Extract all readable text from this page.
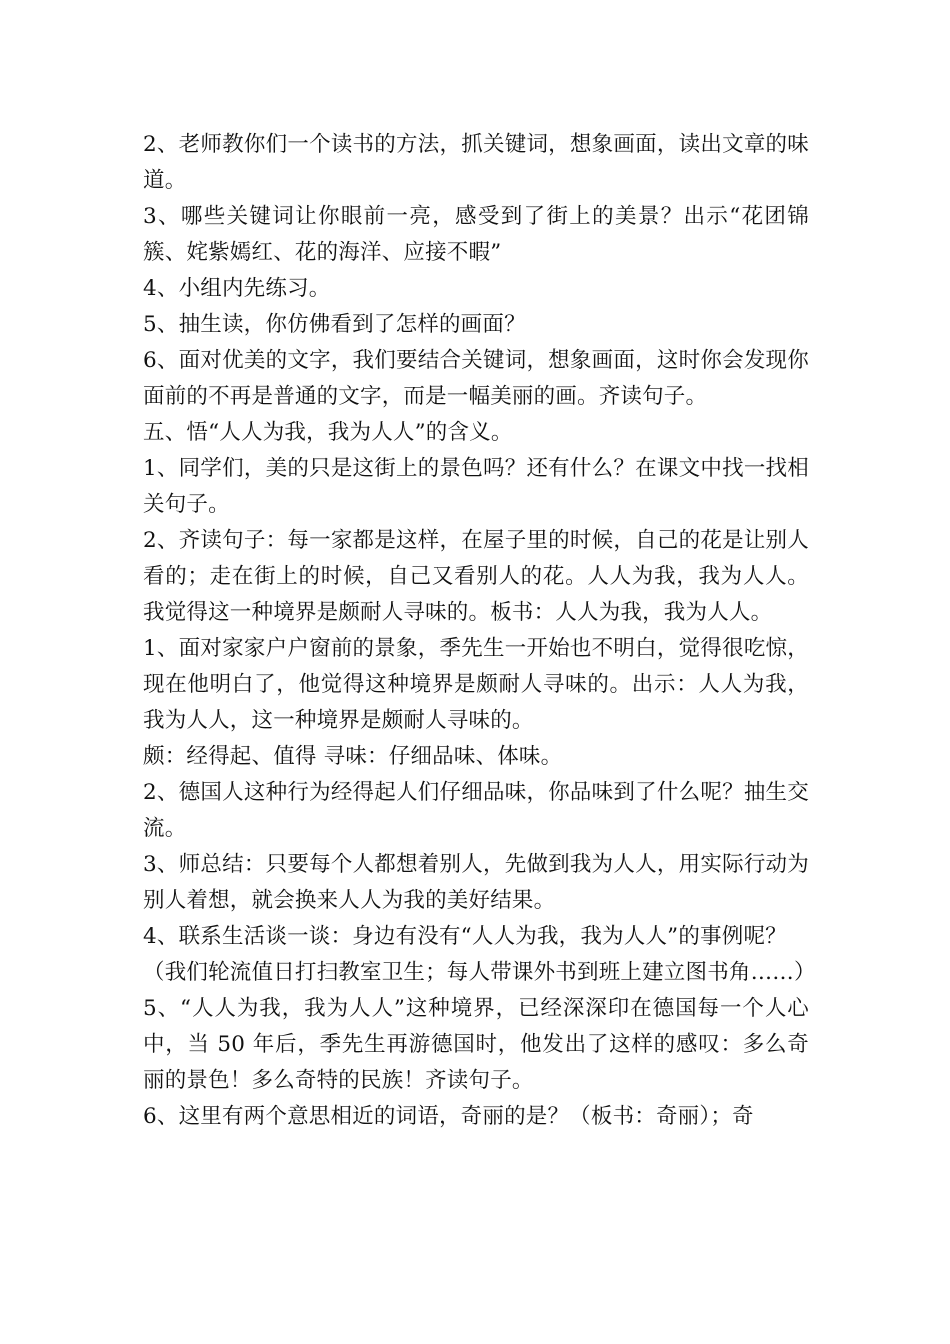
2、老师教你们一个读书的方法，抓关键词，想象画面，读出文章的味道。

3、哪些关键词让你眼前一亮，感受到了街上的美景？出示“花团锦簇、姹紫嫣红、花的海洋、应接不暇”

4、小组内先练习。

5、抽生读，你仿佛看到了怎样的画面？

6、面对优美的文字，我们要结合关键词，想象画面，这时你会发现你面前的不再是普通的文字，而是一幅美丽的画。齐读句子。

五、悟“人人为我，我为人人”的含义。

1、同学们，美的只是这街上的景色吗？还有什么？在课文中找一找相关句子。

2、齐读句子：每一家都是这样，在屋子里的时候，自己的花是让别人看的；走在街上的时候，自己又看别人的花。人人为我，我为人人。我觉得这一种境界是颇耐人寻味的。板书：人人为我，我为人人。

1、面对家家户户窗前的景象，季先生一开始也不明白，觉得很吃惊，现在他明白了，他觉得这种境界是颇耐人寻味的。出示：人人为我，我为人人，这一种境界是颇耐人寻味的。

颇：经得起、值得 寻味：仔细品味、体味。

2、德国人这种行为经得起人们仔细品味，你品味到了什么呢？抽生交流。

3、师总结：只要每个人都想着别人，先做到我为人人，用实际行动为别人着想，就会换来人人为我的美好结果。

4、联系生活谈一谈：身边有没有“人人为我，我为人人”的事例呢？

（我们轮流值日打扫教室卫生；每人带课外书到班上建立图书角……）

5、“人人为我，我为人人”这种境界，已经深深印在德国每一个人心中，当 50 年后，季先生再游德国时，他发出了这样的感叹：多么奇丽的景色！多么奇特的民族！齐读句子。

6、这里有两个意思相近的词语，奇丽的是？（板书：奇丽）；奇
